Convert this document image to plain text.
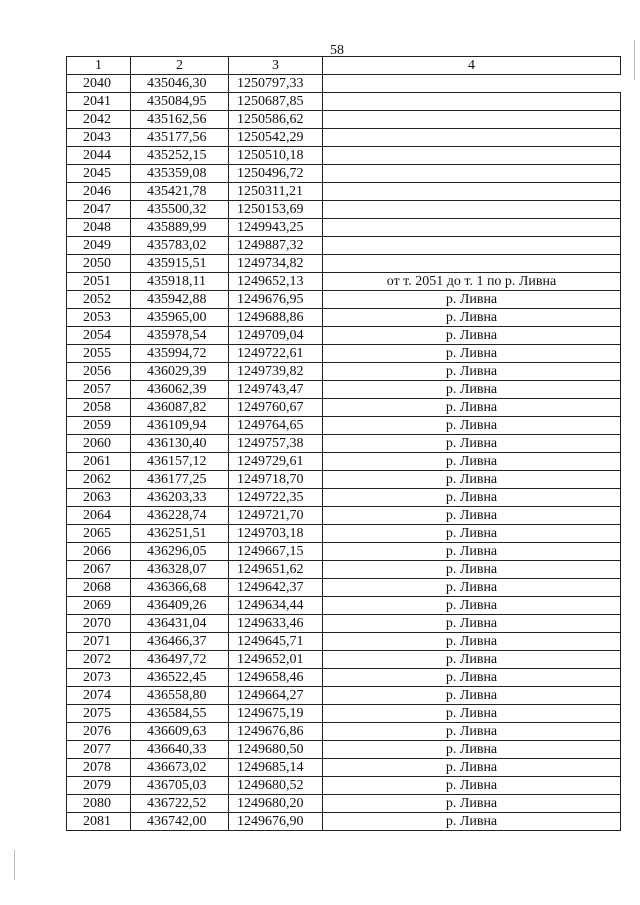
58
1	2	3	4
2040	435046,30	1250797,33	
2041	435084,95	1250687,85	
2042	435162,56	1250586,62	
2043	435177,56	1250542,29	
2044	435252,15	1250510,18	
2045	435359,08	1250496,72	
2046	435421,78	1250311,21	
2047	435500,32	1250153,69	
2048	435889,99	1249943,25	
2049	435783,02	1249887,32	
2050	435915,51	1249734,82	
2051	435918,11	1249652,13	от т. 2051 до т. 1 по р. Ливна
2052	435942,88	1249676,95	р. Ливна
2053	435965,00	1249688,86	р. Ливна
2054	435978,54	1249709,04	р. Ливна
2055	435994,72	1249722,61	р. Ливна
2056	436029,39	1249739,82	р. Ливна
2057	436062,39	1249743,47	р. Ливна
2058	436087,82	1249760,67	р. Ливна
2059	436109,94	1249764,65	р. Ливна
2060	436130,40	1249757,38	р. Ливна
2061	436157,12	1249729,61	р. Ливна
2062	436177,25	1249718,70	р. Ливна
2063	436203,33	1249722,35	р. Ливна
2064	436228,74	1249721,70	р. Ливна
2065	436251,51	1249703,18	р. Ливна
2066	436296,05	1249667,15	р. Ливна
2067	436328,07	1249651,62	р. Ливна
2068	436366,68	1249642,37	р. Ливна
2069	436409,26	1249634,44	р. Ливна
2070	436431,04	1249633,46	р. Ливна
2071	436466,37	1249645,71	р. Ливна
2072	436497,72	1249652,01	р. Ливна
2073	436522,45	1249658,46	р. Ливна
2074	436558,80	1249664,27	р. Ливна
2075	436584,55	1249675,19	р. Ливна
2076	436609,63	1249676,86	р. Ливна
2077	436640,33	1249680,50	р. Ливна
2078	436673,02	1249685,14	р. Ливна
2079	436705,03	1249680,52	р. Ливна
2080	436722,52	1249680,20	р. Ливна
2081	436742,00	1249676,90	р. Ливна
